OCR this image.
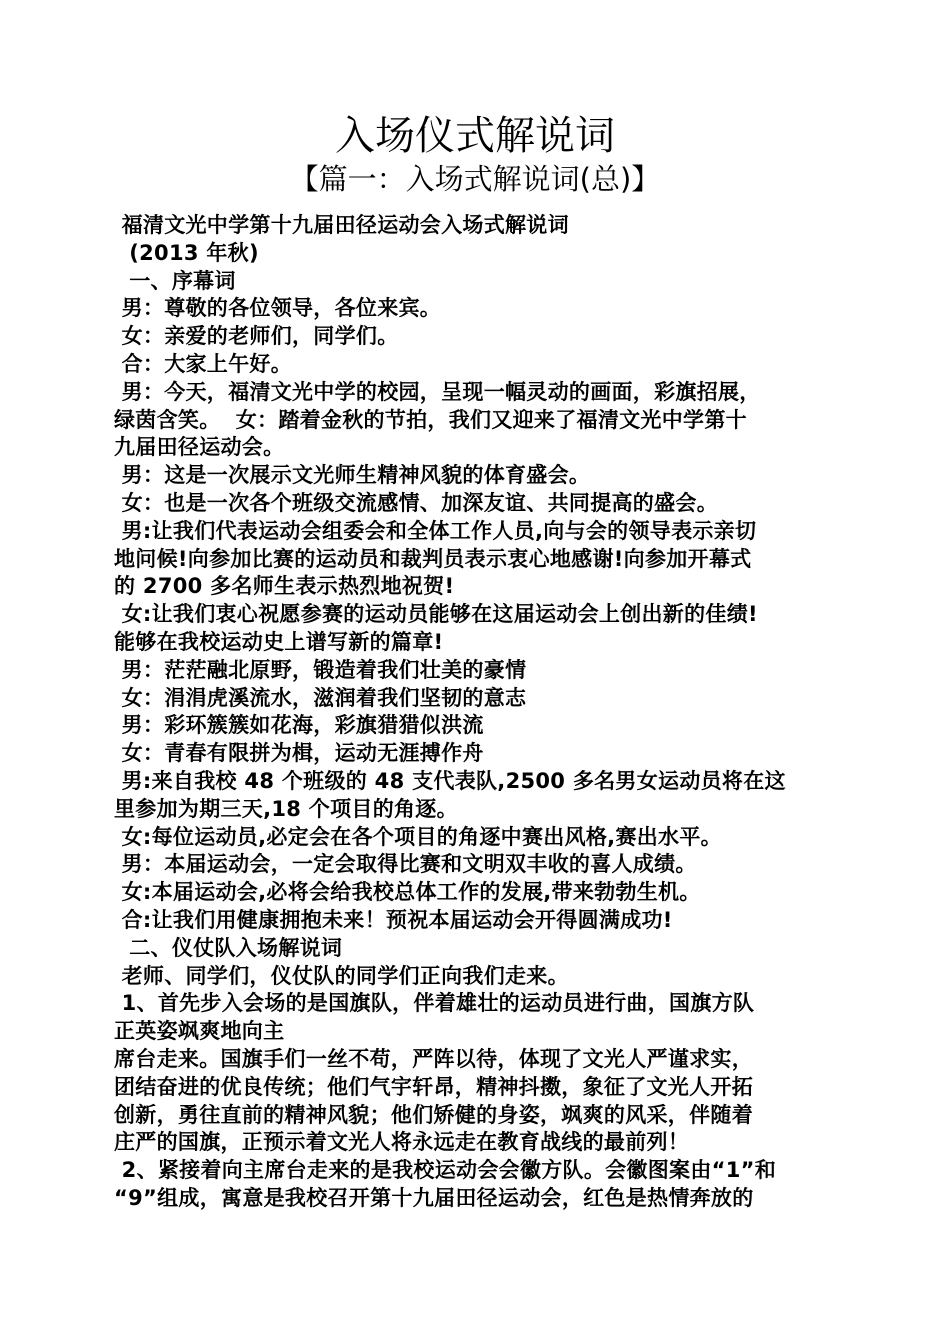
入场仪式解说词
【篇一：入场式解说词(总)】
福清文光中学第十九届田径运动会入场式解说词
(2013 年秋)
一、序幕词
男：尊敬的各位领导，各位来宾。
女：亲爱的老师们，同学们。
合：大家上午好。
男：今天，福清文光中学的校园，呈现一幅灵动的画面，彩旗招展，
绿茵含笑。  女：踏着金秋的节拍，我们又迎来了福清文光中学第十
九届田径运动会。
男：这是一次展示文光师生精神风貌的体育盛会。
女：也是一次各个班级交流感情、加深友谊、共同提高的盛会。
男:让我们代表运动会组委会和全体工作人员,向与会的领导表示亲切
地问候!向参加比赛的运动员和裁判员表示衷心地感谢!向参加开幕式
的 2700 多名师生表示热烈地祝贺!
女:让我们衷心祝愿参赛的运动员能够在这届运动会上创出新的佳绩!
能够在我校运动史上谱写新的篇章!
男：茫茫融北原野，锻造着我们壮美的豪情
女：涓涓虎溪流水，滋润着我们坚韧的意志
男：彩环簇簇如花海，彩旗猎猎似洪流
女：青春有限拼为楫，运动无涯搏作舟
男:来自我校 48 个班级的 48 支代表队,2500 多名男女运动员将在这
里参加为期三天,18 个项目的角逐。
女:每位运动员,必定会在各个项目的角逐中赛出风格,赛出水平。
男：本届运动会，一定会取得比赛和文明双丰收的喜人成绩。
女:本届运动会,必将会给我校总体工作的发展,带来勃勃生机。
合:让我们用健康拥抱未来！预祝本届运动会开得圆满成功!
二、仪仗队入场解说词
老师、同学们，仪仗队的同学们正向我们走来。
1、首先步入会场的是国旗队，伴着雄壮的运动员进行曲，国旗方队
正英姿飒爽地向主
席台走来。国旗手们一丝不苟，严阵以待，体现了文光人严谨求实，
团结奋进的优良传统；他们气宇轩昂，精神抖擞，象征了文光人开拓
创新，勇往直前的精神风貌；他们矫健的身姿，飒爽的风采，伴随着
庄严的国旗，正预示着文光人将永远走在教育战线的最前列！
2、紧接着向主席台走来的是我校运动会会徽方队。会徽图案由“1”和
“9”组成，寓意是我校召开第十九届田径运动会，红色是热情奔放的
